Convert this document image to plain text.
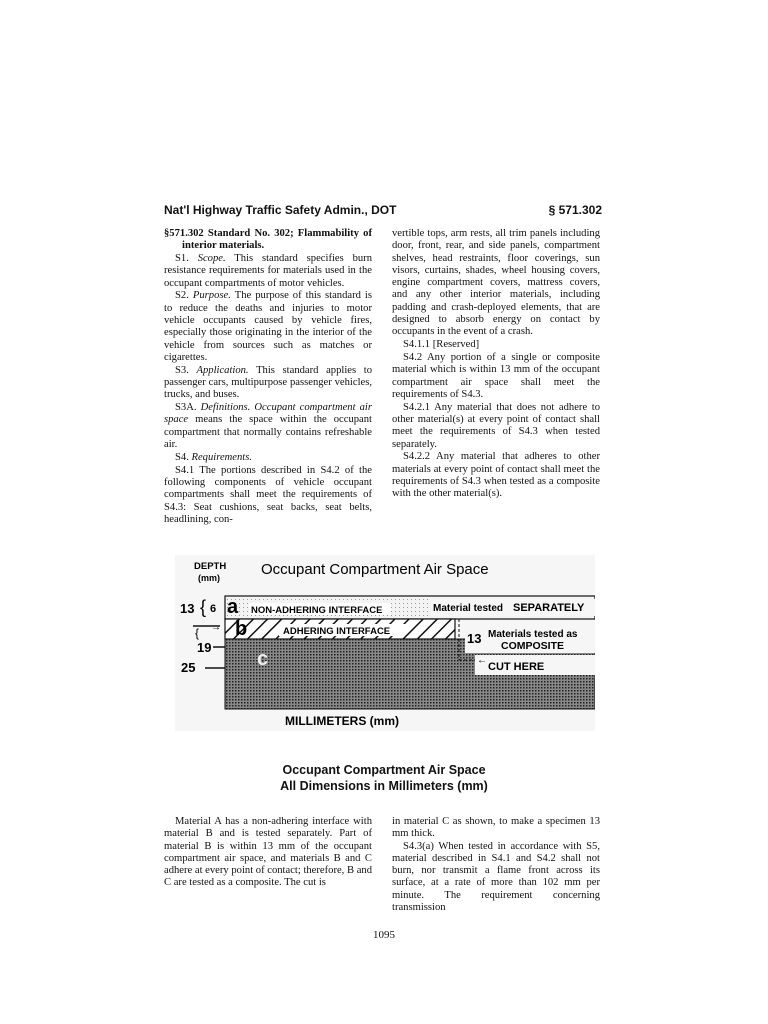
Nat'l Highway Traffic Safety Admin., DOT	§ 571.302

§571.302 Standard No. 302; Flammability of interior materials.

S1. Scope. This standard specifies burn resistance requirements for materials used in the occupant compartments of motor vehicles.

S2. Purpose. The purpose of this standard is to reduce the deaths and injuries to motor vehicle occupants caused by vehicle fires, especially those originating in the interior of the vehicle from sources such as matches or cigarettes.

S3. Application. This standard applies to passenger cars, multipurpose passenger vehicles, trucks, and buses.

S3A. Definitions. Occupant compartment air space means the space within the occupant compartment that normally contains refreshable air.

S4. Requirements.

S4.1 The portions described in S4.2 of the following components of vehicle occupant compartments shall meet the requirements of S4.3: Seat cushions, seat backs, seat belts, headlining, con-

vertible tops, arm rests, all trim panels including door, front, rear, and side panels, compartment shelves, head restraints, floor coverings, sun visors, curtains, shades, wheel housing covers, engine compartment covers, mattress covers, and any other interior materials, including padding and crash-deployed elements, that are designed to absorb energy on contact by occupants in the event of a crash.

S4.1.1 [Reserved]

S4.2 Any portion of a single or composite material which is within 13 mm of the occupant compartment air space shall meet the requirements of S4.3.

S4.2.1 Any material that does not adhere to other material(s) at every point of contact shall meet the requirements of S4.3 when tested separately.

S4.2.2 Any material that adheres to other materials at every point of contact shall meet the requirements of S4.3 when tested as a composite with the other material(s).

DEPTH
(mm)	Occupant Compartment Air Space
NON-ADHERING INTERFACE
ADHERING INTERFACE
a
b
c
13 { 6
→
{
19
25
Material tested SEPARATELY
13 Materials tested as
COMPOSITE
←
CUT HERE
MILLIMETERS (mm)
Occupant Compartment Air Space
All Dimensions in Millimeters (mm)

Material A has a non-adhering interface with material B and is tested separately. Part of material B is within 13 mm of the occupant compartment air space, and materials B and C adhere at every point of contact; therefore, B and C are tested as a composite. The cut is

in material C as shown, to make a specimen 13 mm thick.

S4.3(a) When tested in accordance with S5, material described in S4.1 and S4.2 shall not burn, nor transmit a flame front across its surface, at a rate of more than 102 mm per minute. The requirement concerning transmission

1095
